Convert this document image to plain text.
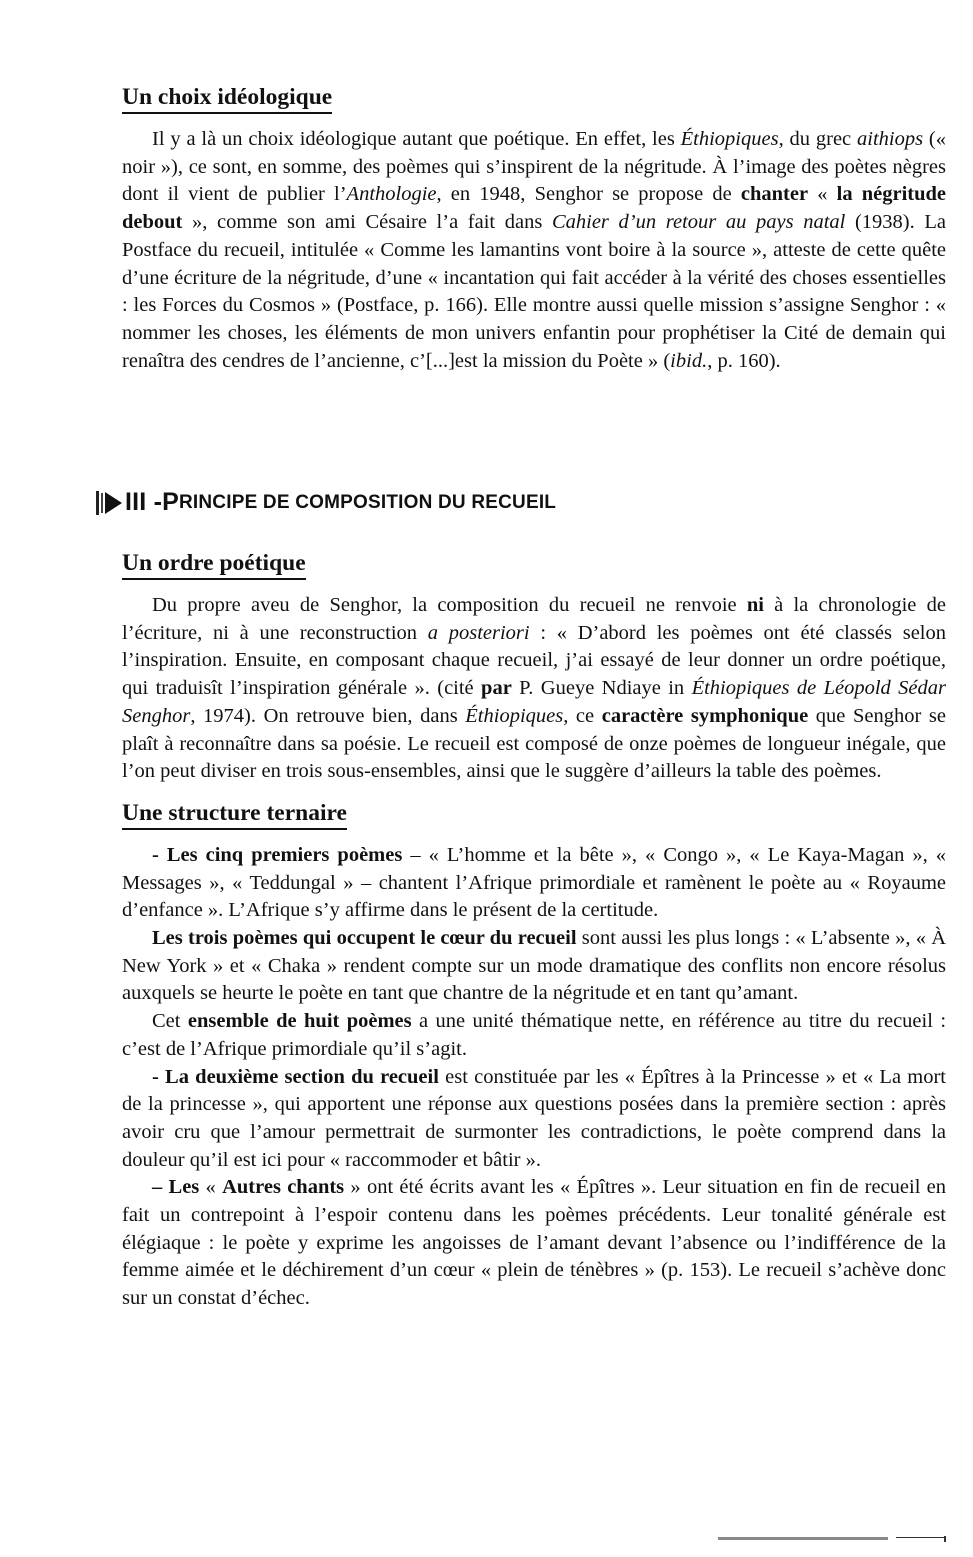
Un choix idéologique

Il y a là un choix idéologique autant que poétique. En effet, les Éthiopiques, du grec aithiops (« noir »), ce sont, en somme, des poèmes qui s’inspirent de la négritude. À l’image des poètes nègres dont il vient de publier l’Anthologie, en 1948, Senghor se propose de chanter « la négritude debout », comme son ami Césaire l’a fait dans Cahier d’un retour au pays natal (1938). La Postface du recueil, intitulée « Comme les lamantins vont boire à la source », atteste de cette quête d’une écriture de la négritude, d’une « incantation qui fait accéder à la vérité des choses essentielles : les Forces du Cosmos » (Postface, p. 166). Elle montre aussi quelle mission s’assigne Senghor : « nommer les choses, les éléments de mon univers enfantin pour prophétiser la Cité de demain qui renaîtra des cendres de l’ancienne, c’[...]est la mission du Poète » (ibid., p. 160).

III - P RINCIPE DE COMPOSITION DU RECUEIL
Un ordre poétique

Du propre aveu de Senghor, la composition du recueil ne renvoie ni à la chronologie de l’écriture, ni à une reconstruction a posteriori : « D’abord les poèmes ont été classés selon l’inspiration. Ensuite, en composant chaque recueil, j’ai essayé de leur donner un ordre poétique, qui traduisît l’inspiration générale ». (cité par P. Gueye Ndiaye in Éthiopiques de Léopold Sédar Senghor, 1974). On retrouve bien, dans Éthiopiques, ce caractère symphonique que Senghor se plaît à reconnaître dans sa poésie. Le recueil est composé de onze poèmes de longueur inégale, que l’on peut diviser en trois sous-ensembles, ainsi que le suggère d’ailleurs la table des poèmes.

Une structure ternaire

- Les cinq premiers poèmes – « L’homme et la bête », « Congo », « Le Kaya-Magan », « Messages », « Teddungal » – chantent l’Afrique primordiale et ramènent le poète au « Royaume d’enfance ». L’Afrique s’y affirme dans le présent de la certitude.

Les trois poèmes qui occupent le cœur du recueil sont aussi les plus longs : « L’absente », « À New York » et « Chaka » rendent compte sur un mode dramatique des conflits non encore résolus auxquels se heurte le poète en tant que chantre de la négritude et en tant qu’amant.

Cet ensemble de huit poèmes a une unité thématique nette, en référence au titre du recueil : c’est de l’Afrique primordiale qu’il s’agit.

- La deuxième section du recueil est constituée par les « Épîtres à la Princesse » et « La mort de la princesse », qui apportent une réponse aux questions posées dans la première section : après avoir cru que l’amour permettrait de surmonter les contradictions, le poète comprend dans la douleur qu’il est ici pour « raccommoder et bâtir ».

– Les « Autres chants » ont été écrits avant les « Épîtres ». Leur situation en fin de recueil en fait un contrepoint à l’espoir contenu dans les poèmes précédents. Leur tonalité générale est élégiaque : le poète y exprime les angoisses de l’amant devant l’absence ou l’indifférence de la femme aimée et le déchirement d’un cœur « plein de ténèbres » (p. 153). Le recueil s’achève donc sur un constat d’échec.
